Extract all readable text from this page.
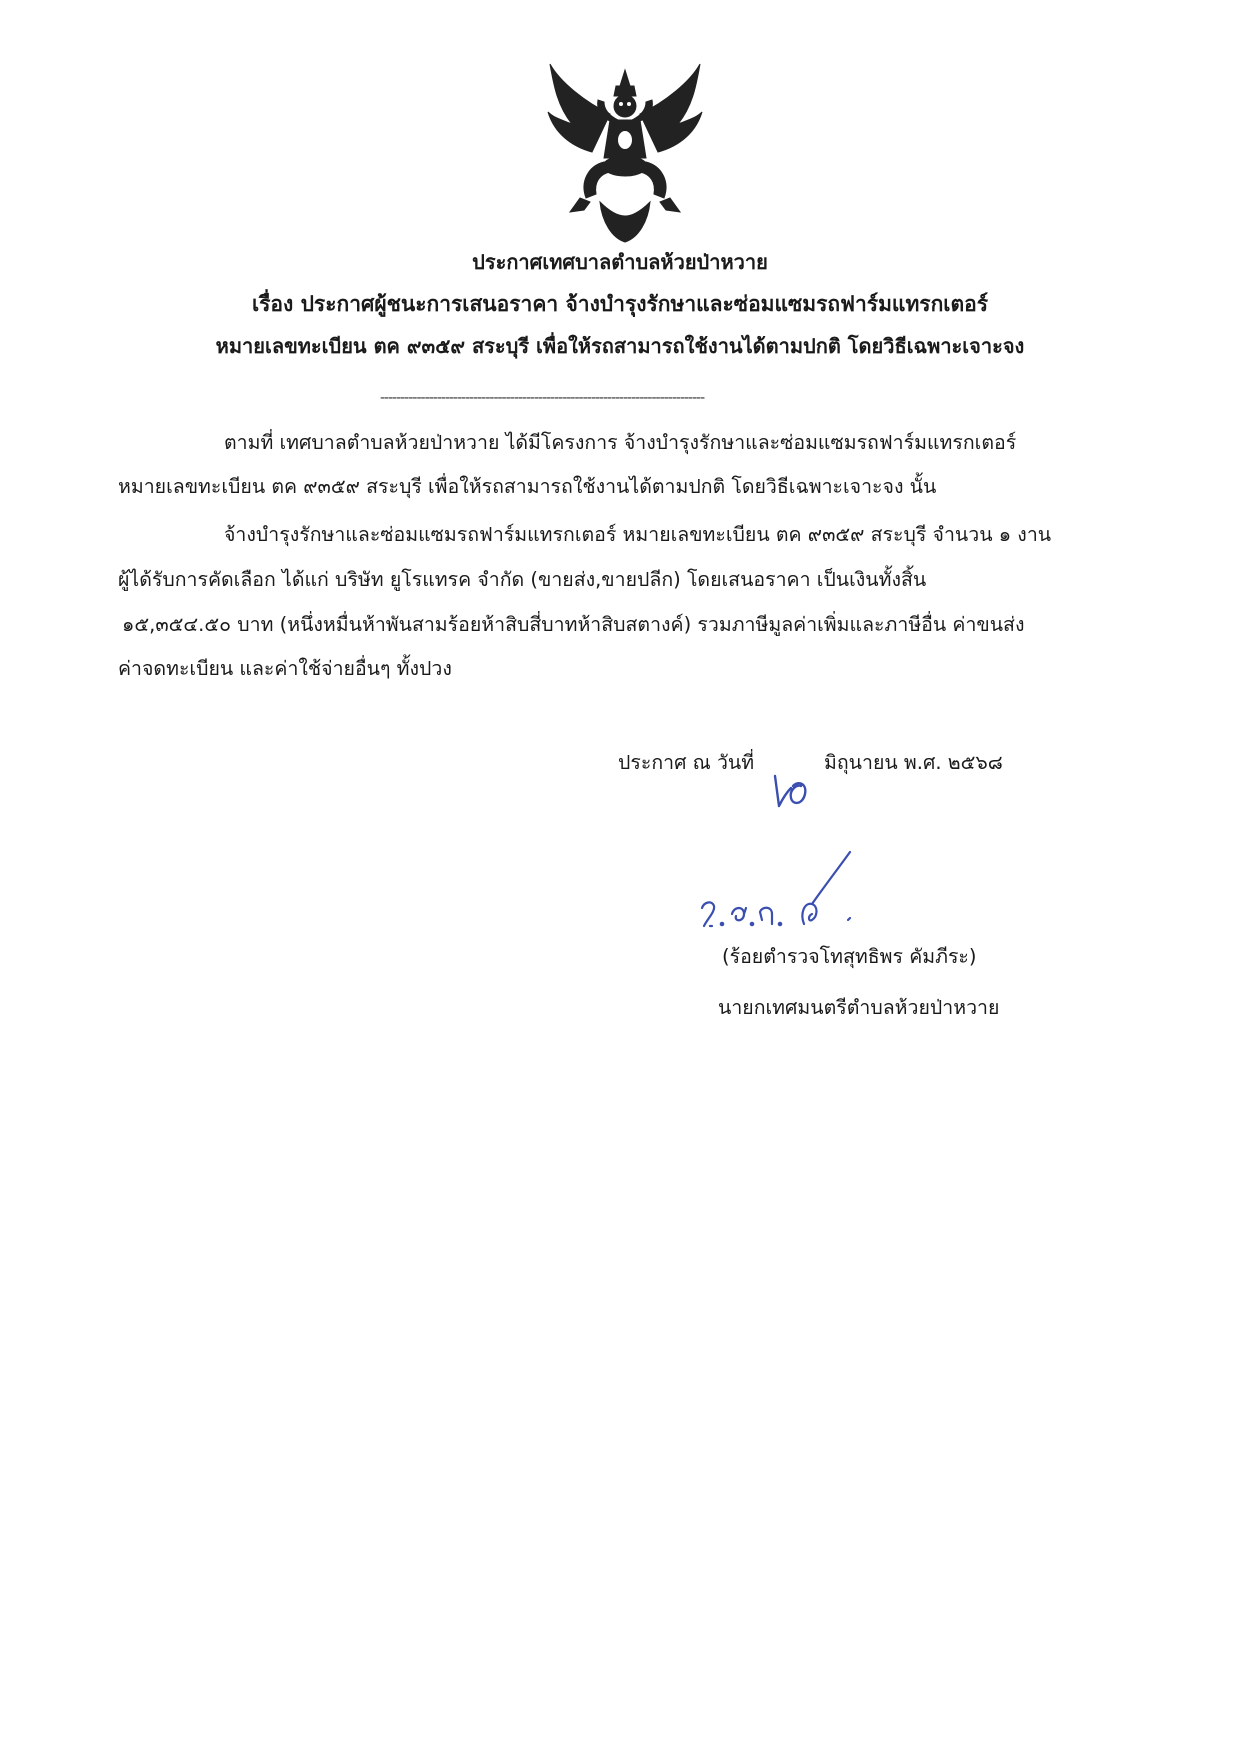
ประกาศเทศบาลตำบลห้วยป่าหวาย
เรื่อง ประกาศผู้ชนะการเสนอราคา จ้างบำรุงรักษาและซ่อมแซมรถฟาร์มแทรกเตอร์
หมายเลขทะเบียน ตค ๙๓๕๙ สระบุรี เพื่อให้รถสามารถใช้งานได้ตามปกติ โดยวิธีเฉพาะเจาะจง
--------------------------------------------------------------------------------
ตามที่ เทศบาลตำบลห้วยป่าหวาย ได้มีโครงการ จ้างบำรุงรักษาและซ่อมแซมรถฟาร์มแทรกเตอร์
หมายเลขทะเบียน ตค ๙๓๕๙ สระบุรี เพื่อให้รถสามารถใช้งานได้ตามปกติ โดยวิธีเฉพาะเจาะจง นั้น
จ้างบำรุงรักษาและซ่อมแซมรถฟาร์มแทรกเตอร์ หมายเลขทะเบียน ตค ๙๓๕๙ สระบุรี จำนวน ๑ งาน
ผู้ได้รับการคัดเลือก ได้แก่ บริษัท ยูโรแทรค จำกัด (ขายส่ง,ขายปลีก) โดยเสนอราคา เป็นเงินทั้งสิ้น
๑๕,๓๕๔.๕๐ บาท (หนึ่งหมื่นห้าพันสามร้อยห้าสิบสี่บาทห้าสิบสตางค์) รวมภาษีมูลค่าเพิ่มและภาษีอื่น ค่าขนส่ง
ค่าจดทะเบียน และค่าใช้จ่ายอื่นๆ ทั้งปวง
ประกาศ ณ วันที่	มิถุนายน พ.ศ. ๒๕๖๘
(ร้อยตำรวจโทสุทธิพร คัมภีระ)
นายกเทศมนตรีตำบลห้วยป่าหวาย
